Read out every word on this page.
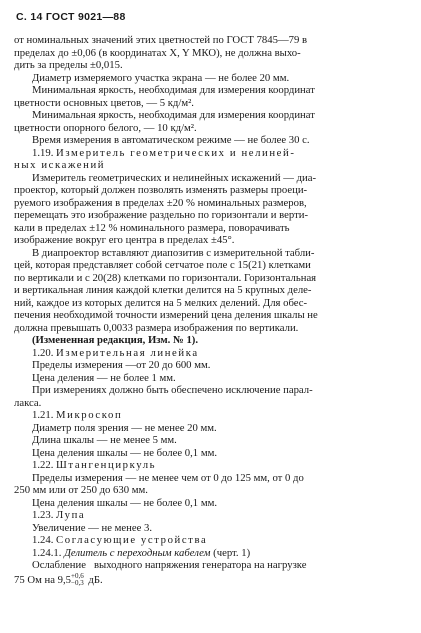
С. 14 ГОСТ 9021—88

от номинальных значений этих цветностей по ГОСТ 7845—79 в
пределах до ±0,06 (в координатах X, Y МКО), не должна выхо-
дить за пределы ±0,015.

Диаметр измеряемого участка экрана — не более 20 мм.

Минимальная яркость, необходимая для измерения координат
цветности основных цветов, — 5 кд/м².

Минимальная яркость, необходимая для измерения координат
цветности опорного белого, — 10 кд/м².

Время измерения в автоматическом режиме — не более 30 с.

1.19. Измеритель геометрических и нелиней-
ных искажений

Измеритель геометрических и нелинейных искажений — диа-
проектор, который должен позволять изменять размеры проеци-
руемого изображения в пределах ±20 % номинальных размеров,
перемещать это изображение раздельно по горизонтали и верти-
кали в пределах ±12 % номинального размера, поворачивать
изображение вокруг его центра в пределах ±45°.

В диапроектор вставляют диапозитив с измерительной табли-
цей, которая представляет собой сетчатое поле с 15(21) клетками
по вертикали и с 20(28) клетками по горизонтали. Горизонтальная
и вертикальная линия каждой клетки делится на 5 крупных деле-
ний, каждое из которых делится на 5 мелких делений. Для обес-
печения необходимой точности измерений цена деления шкалы не
должна превышать 0,0033 размера изображения по вертикали.

(Измененная редакция, Изм. № 1).

1.20. Измерительная линейка

Пределы измерения —от 20 до 600 мм.

Цена деления — не более 1 мм.

При измерениях должно быть обеспечено исключение парал-
лакса.

1.21. Микроскоп

Диаметр поля зрения — не менее 20 мм.

Длина шкалы — не менее 5 мм.

Цена деления шкалы — не более 0,1 мм.

1.22. Штангенциркуль

Пределы измерения — не менее чем от 0 до 125 мм, от 0 до
250 мм или от 250 до 630 мм.

Цена деления шкалы — не более 0,1 мм.

1.23. Лупа

Увеличение — не менее 3.

1.24. Согласующие устройства

1.24.1. Делитель с переходным кабелем (черт. 1)

Ослабление выходного напряжения генератора на нагрузке
75 Ом на 9,5 +0,6
−0,3 дБ.
